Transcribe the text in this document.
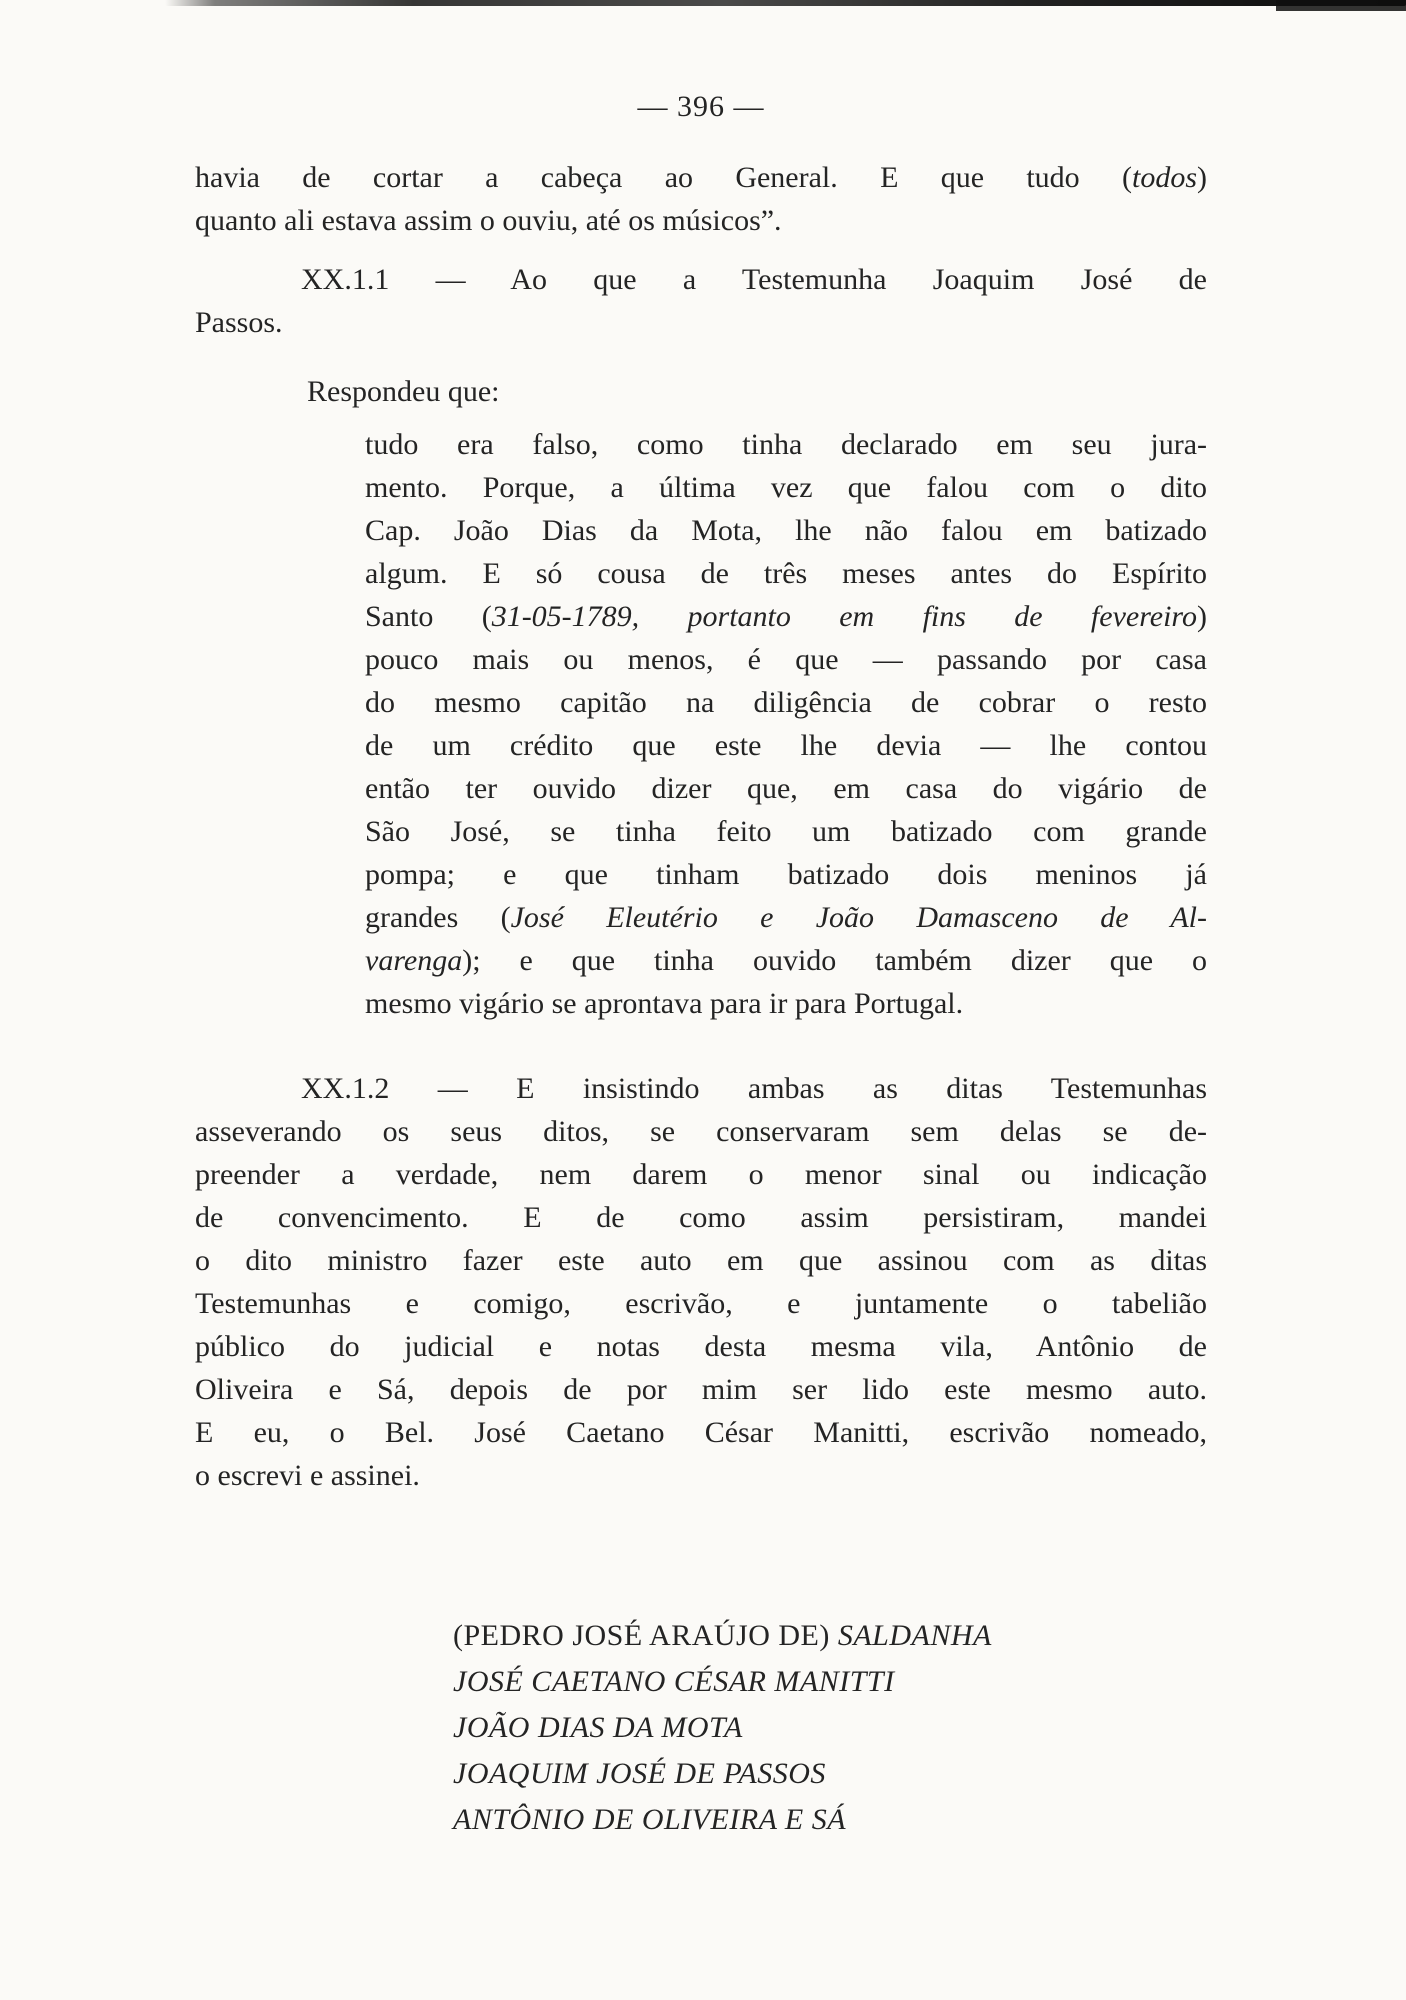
— 396 —
havia de cortar a cabeça ao General. E que tudo (todos)
quanto ali estava assim o ouviu, até os músicos”.
XX.1.1 — Ao que a Testemunha Joaquim José de
Passos.
Respondeu que:
tudo era falso, como tinha declarado em seu jura-
mento. Porque, a última vez que falou com o dito
Cap. João Dias da Mota, lhe não falou em batizado
algum. E só cousa de três meses antes do Espírito
Santo (31-05-1789, portanto em fins de fevereiro)
pouco mais ou menos, é que — passando por casa
do mesmo capitão na diligência de cobrar o resto
de um crédito que este lhe devia — lhe contou
então ter ouvido dizer que, em casa do vigário de
São José, se tinha feito um batizado com grande
pompa; e que tinham batizado dois meninos já
grandes (José Eleutério e João Damasceno de Al-
varenga); e que tinha ouvido também dizer que o
mesmo vigário se aprontava para ir para Portugal.
XX.1.2 — E insistindo ambas as ditas Testemunhas
asseverando os seus ditos, se conservaram sem delas se de-
preender a verdade, nem darem o menor sinal ou indicação
de convencimento. E de como assim persistiram, mandei
o dito ministro fazer este auto em que assinou com as ditas
Testemunhas e comigo, escrivão, e juntamente o tabelião
público do judicial e notas desta mesma vila, Antônio de
Oliveira e Sá, depois de por mim ser lido este mesmo auto.
E eu, o Bel. José Caetano César Manitti, escrivão nomeado,
o escrevi e assinei.
(PEDRO JOSÉ ARAÚJO DE) SALDANHA
JOSÉ CAETANO CÉSAR MANITTI
JOÃO DIAS DA MOTA
JOAQUIM JOSÉ DE PASSOS
ANTÔNIO DE OLIVEIRA E SÁ
